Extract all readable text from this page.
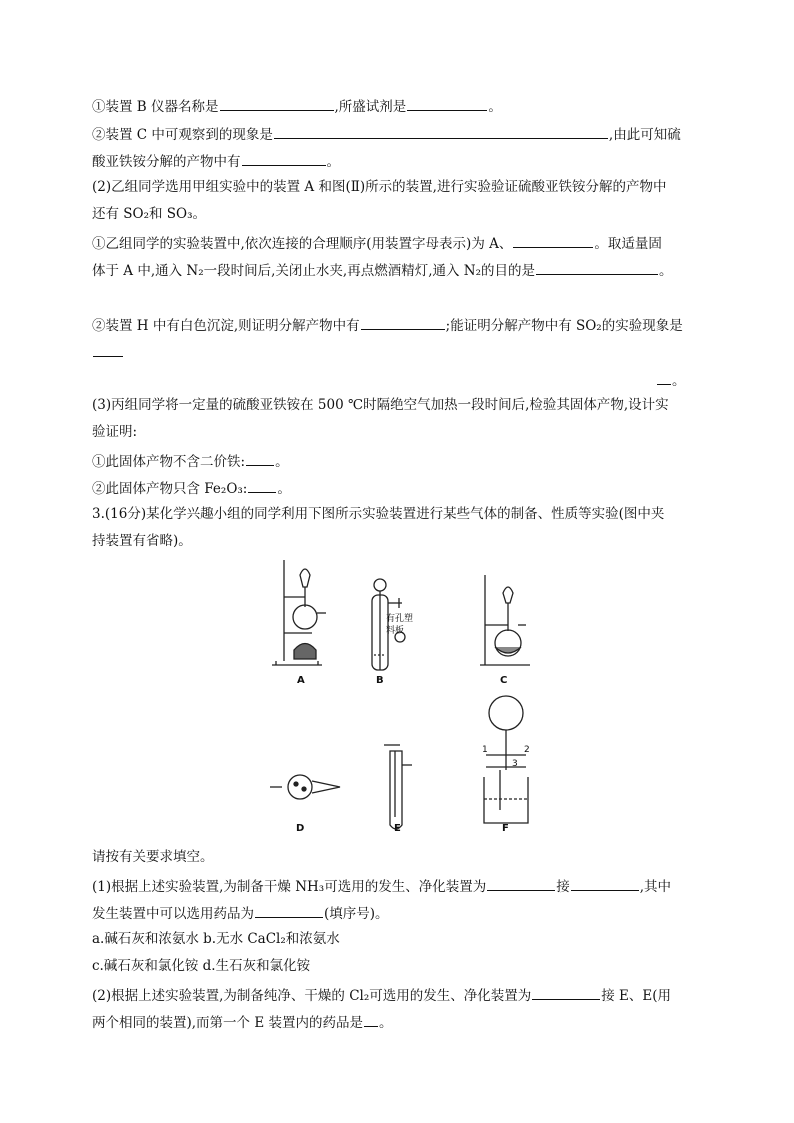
①装置 B 仪器名称是	,所盛试剂是	。
②装置 C 中可观察到的现象是	,由此可知硫
酸亚铁铵分解的产物中有	。
(2)乙组同学选用甲组实验中的装置 A 和图(Ⅱ)所示的装置,进行实验验证硫酸亚铁铵分解的产物中
还有 SO₂和 SO₃。
①乙组同学的实验装置中,依次连接的合理顺序(用装置字母表示)为 A、	。取适量固
体于 A 中,通入 N₂一段时间后,关闭止水夹,再点燃酒精灯,通入 N₂的目的是	。
②装置 H 中有白色沉淀,则证明分解产物中有	;能证明分解产物中有 SO₂的实验现象是
。
(3)丙组同学将一定量的硫酸亚铁铵在 500 ℃时隔绝空气加热一段时间后,检验其固体产物,设计实
验证明:
①此固体产物不含二价铁: 。
②此固体产物只含 Fe₂O₃: 。
3.(16分)某化学兴趣小组的同学利用下图所示实验装置进行某些气体的制备、性质等实验(图中夹
持装置有省略)。
A	B	C
D	E	F
有孔塑
料板
1	2
3
请按有关要求填空。
(1)根据上述实验装置,为制备干燥 NH₃可选用的发生、净化装置为	接	,其中
发生装置中可以选用药品为	(填序号)。
a.碱石灰和浓氨水 b.无水 CaCl₂和浓氨水
c.碱石灰和氯化铵 d.生石灰和氯化铵
(2)根据上述实验装置,为制备纯净、干燥的 Cl₂可选用的发生、净化装置为	接 E、E(用
两个相同的装置),而第一个 E 装置内的药品是 。
